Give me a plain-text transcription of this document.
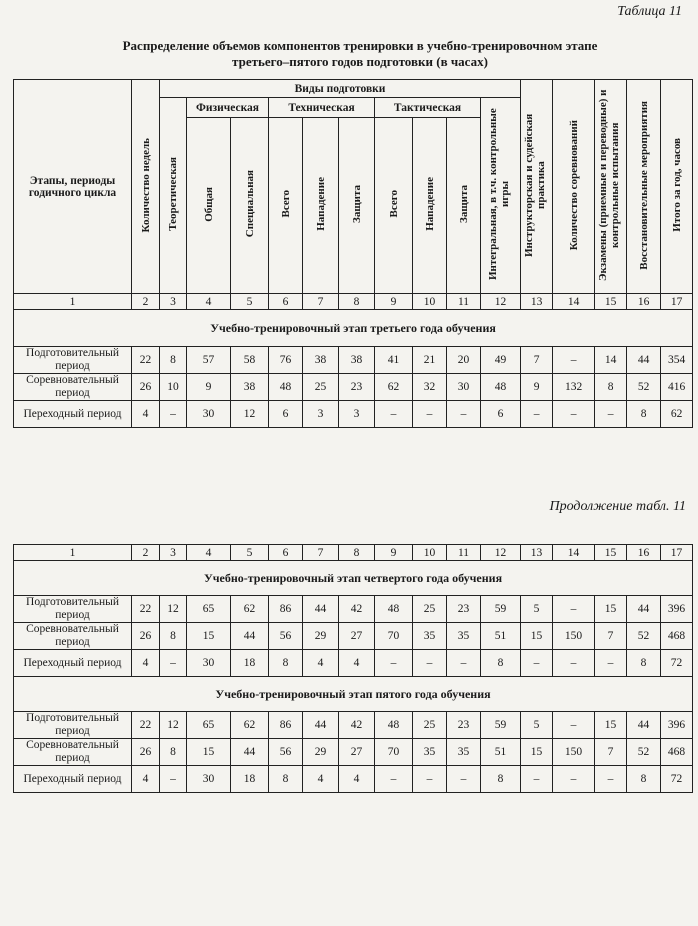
Таблица 11
Распределение объемов компонентов тренировки в учебно-тренировочном этапе
третьего–пятого годов подготовки (в часах)
Этапы, периоды годичного цикла	Количество недель	Виды подготовки										Инструкторская и судейская практика	Количество соревнований	Экзамены (приемные и переводные) и контрольные испытания	Восстановительные мероприятия	Итого за год, часов
		Теоретическая	Физическая		Техническая			Тактическая			Интегральная, в т.ч. контрольные игры					
			Общая	Специальная	Всего	Нападение	Защита	Всего	Нападение	Защита						
1	2	3	4	5	6	7	8	9	10	11	12	13	14	15	16	17
Учебно-тренировочный этап третьего года обучения																
Подготовительный период	22	8	57	58	76	38	38	41	21	20	49	7	–	14	44	354
Соревновательный период	26	10	9	38	48	25	23	62	32	30	48	9	132	8	52	416
Переходный период	4	–	30	12	6	3	3	–	–	–	6	–	–	–	8	62
Продолжение табл. 11
1	2	3	4	5	6	7	8	9	10	11	12	13	14	15	16	17
Учебно-тренировочный этап четвертого года обучения																
Подготовительный период	22	12	65	62	86	44	42	48	25	23	59	5	–	15	44	396
Соревновательный период	26	8	15	44	56	29	27	70	35	35	51	15	150	7	52	468
Переходный период	4	–	30	18	8	4	4	–	–	–	8	–	–	–	8	72
Учебно-тренировочный этап пятого года обучения																
Подготовительный период	22	12	65	62	86	44	42	48	25	23	59	5	–	15	44	396
Соревновательный период	26	8	15	44	56	29	27	70	35	35	51	15	150	7	52	468
Переходный период	4	–	30	18	8	4	4	–	–	–	8	–	–	–	8	72
